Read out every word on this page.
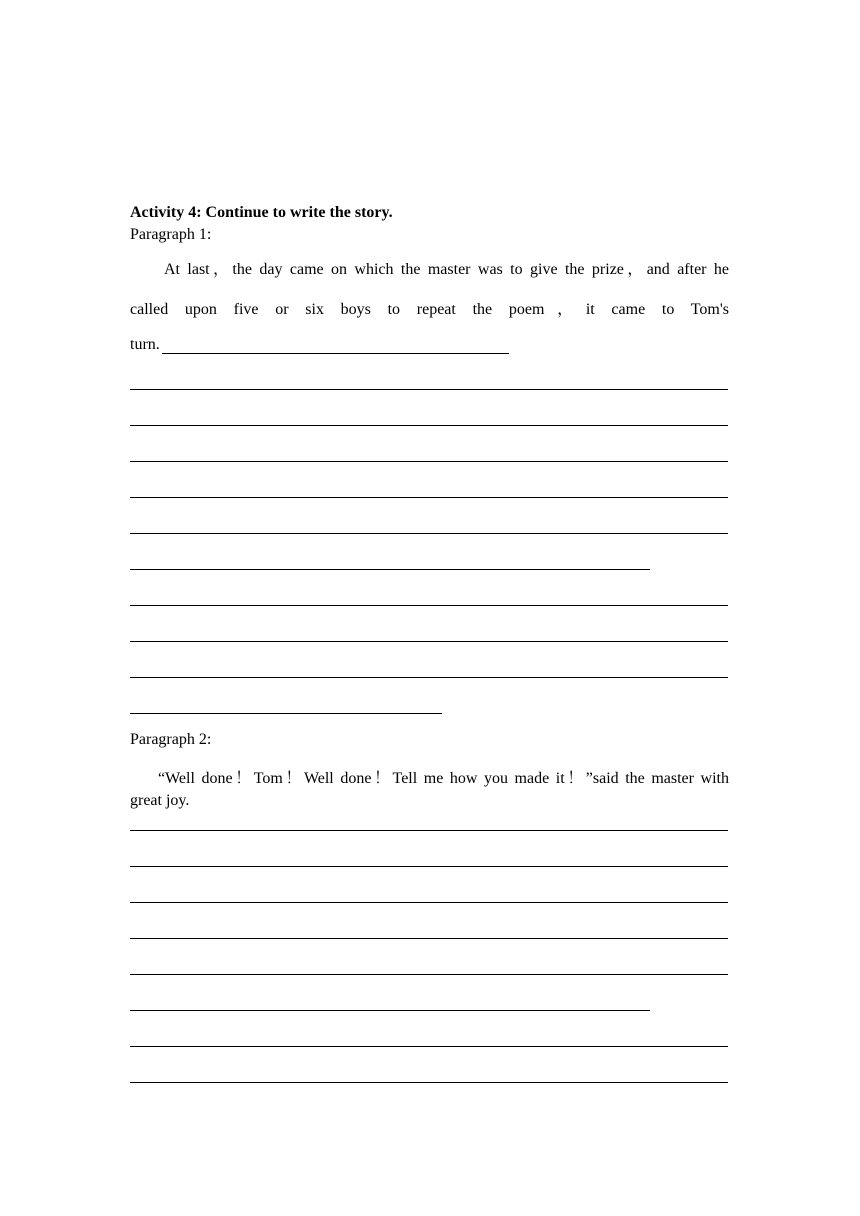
Activity 4: Continue to write the story.
Paragraph 1:
At last，the day came on which the master was to give the prize，and after he
called upon five or six boys to repeat the poem，it came to Tom's
turn.
Paragraph 2:
“Well done！Tom！Well done！Tell me how you made it！”said the master with
great joy.
